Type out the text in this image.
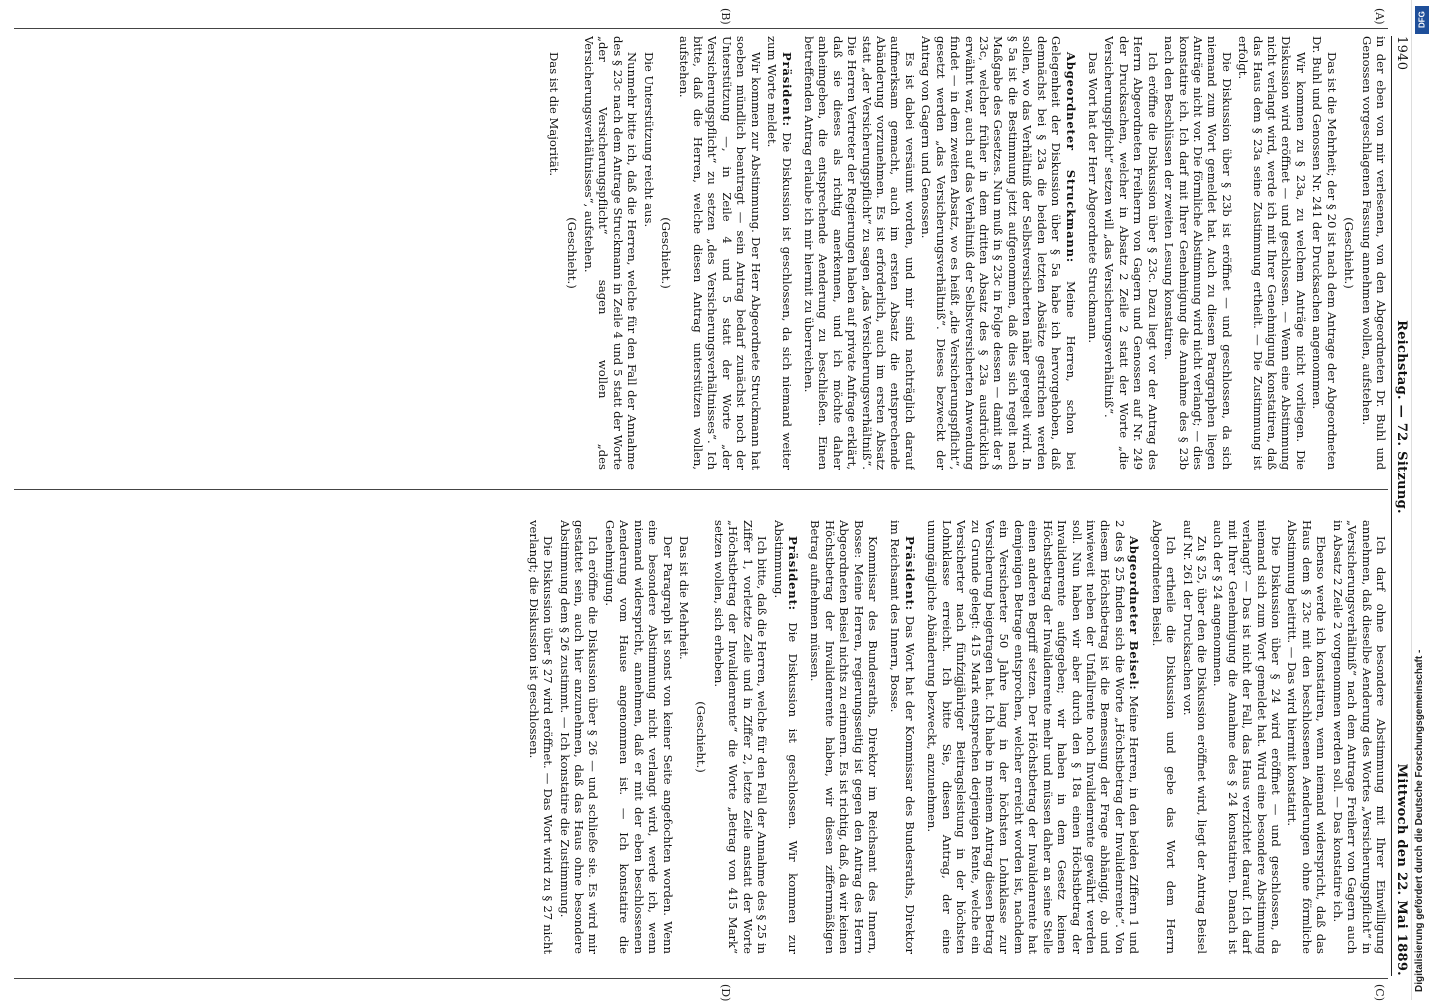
1940
Reichstag. — 72. Sitzung.
Mittwoch den 22. Mai 1889.
(A)
(B)
(C)
(D)

in der eben von mir verlesenen, von den Abgeordneten Dr. Buhl und Genossen vorgeschlagenen Fassung annehmen wollen, aufstehen.

(Geschieht.)

Das ist die Mehrheit; der § 20 ist nach dem Antrage der Abgeordneten Dr. Buhl und Genossen Nr. 241 der Drucksachen angenommen.

Wir kommen zu § 23a, zu welchem Anträge nicht vorliegen. Die Diskussion wird eröffnet — und geschlossen. — Wenn eine Abstimmung nicht verlangt wird, werde ich mit Ihrer Genehmigung konstatiren, daß das Haus dem § 23a seine Zustimmung ertheilt. — Die Zustimmung ist erfolgt.

Die Diskussion über § 23b ist eröffnet — und geschlossen, da sich niemand zum Wort gemeldet hat. Auch zu diesem Paragraphen liegen Anträge nicht vor. Die förmliche Abstimmung wird nicht verlangt; — dies konstatire ich. Ich darf mit Ihrer Genehmigung die Annahme des § 23b nach den Beschlüssen der zweiten Lesung konstatiren.

Ich eröffne die Diskussion über § 23c. Dazu liegt vor der Antrag des Herrn Abgeordneten Freiherrn von Gagern und Genossen auf Nr. 249 der Drucksachen, welcher in Absatz 2 Zeile 2 statt der Worte „die Versicherungspflicht“ setzen will „das Versicherungsverhältniß“.

Das Wort hat der Herr Abgeordnete Struckmann.

Abgeordneter Struckmann: Meine Herren, schon bei Gelegenheit der Diskussion über § 5a habe ich hervorgehoben, daß demnächst bei § 23a die beiden letzten Absätze gestrichen werden sollen, wo das Verhältniß der Selbstversicherten näher geregelt wird. In § 5a ist die Bestimmung jetzt aufgenommen, daß dies sich regelt nach Maßgabe des Gesetzes. Nun muß in § 23c in Folge dessen — damit der § 23c, welcher früher in dem dritten Absatz des § 23a ausdrücklich erwähnt war, auch auf das Verhältniß der Selbstversicherten Anwendung findet — in dem zweiten Absatz, wo es heißt „die Versicherungspflicht“, gesetzt werden „das Versicherungsverhältniß“. Dieses bezweckt der Antrag von Gagern und Genossen.

Es ist dabei versäumt worden, und mir sind nachträglich darauf aufmerksam gemacht, auch im ersten Absatz die entsprechende Abänderung vorzunehmen. Es ist erforderlich, auch im ersten Absatz statt „der Versicherungspflicht“ zu sagen „das Versicherungsverhältniß“. Die Herren Vertreter der Regierungen haben auf private Anfrage erklärt, daß sie dieses als richtig anerkennen, und ich möchte daher anheimgeben, die entsprechende Aenderung zu beschließen. Einen betreffenden Antrag erlaube ich mir hiermit zu überreichen.

Präsident: Die Diskussion ist geschlossen, da sich niemand weiter zum Worte meldet.

Wir kommen zur Abstimmung. Der Herr Abgeordnete Struckmann hat soeben mündlich beantragt — sein Antrag bedarf zunächst noch der Unterstützung —, in Zeile 4 und 5 statt der Worte „der Versicherungspflicht“ zu setzen „des Versicherungsverhältnisses“. Ich bitte, daß die Herren, welche diesen Antrag unterstützen wollen, aufstehen.

(Geschieht.)

Die Unterstützung reicht aus.

Nunmehr bitte ich, daß die Herren, welche für den Fall der Annahme des § 23c nach dem Antrage Struckmann in Zeile 4 und 5 statt der Worte „der Versicherungspflicht“ sagen wollen „des Versicherungsverhältnisses“, aufstehen.

(Geschieht.)

Das ist die Majorität.

Ich darf ohne besondere Abstimmung mit Ihrer Einwilligung annehmen, daß dieselbe Aenderung des Wortes „Versicherungspflicht“ in „Versicherungsverhältniß“ nach dem Antrage Freiherr von Gagern auch in Absatz 2 Zeile 2 vorgenommen werden soll. — Das konstatire ich.

Ebenso werde ich konstatiren, wenn niemand widerspricht, daß das Haus dem § 23c mit den beschlossenen Aenderungen ohne förmliche Abstimmung beitritt. — Das wird hiermit konstatirt.

Die Diskussion über § 24 wird eröffnet — und geschlossen, da niemand sich zum Wort gemeldet hat. Wird eine besondere Abstimmung verlangt? — Das ist nicht der Fall, das Haus verzichtet darauf. Ich darf mit Ihrer Genehmigung die Annahme des § 24 konstatiren. Danach ist auch der § 24 angenommen.

Zu § 25, über den die Diskussion eröffnet wird, liegt der Antrag Beisel auf Nr. 261 der Drucksachen vor.

Ich ertheile die Diskussion und gebe das Wort dem Herrn Abgeordneten Beisel.

Abgeordneter Beisel: Meine Herren, in den beiden Ziffern 1 und 2 des § 25 finden sich die Worte „Höchstbetrag der Invalidenrente“. Von diesem Höchstbetrag ist die Bemessung der Frage abhängig, ob und inwieweit neben der Unfallrente noch Invalidenrente gewährt werden soll. Nun haben wir aber durch den § 18a einen Höchstbetrag der Invalidenrente aufgegeben; wir haben in dem Gesetz keinen Höchstbetrag der Invalidenrente mehr und müssen daher an seine Stelle einen anderen Begriff setzen. Der Höchstbetrag der Invalidenrente hat demjenigen Betrage entsprochen, welcher erreicht worden ist, nachdem ein Versicherter 50 Jahre lang in der höchsten Lohnklasse zur Versicherung beigetragen hat. Ich habe in meinem Antrag diesen Betrag zu Grunde gelegt: 415 Mark entsprechen derjenigen Rente, welche ein Versicherter nach fünfzigjähriger Beitragsleistung in der höchsten Lohnklasse erreicht. Ich bitte Sie, diesen Antrag, der eine unumgängliche Abänderung bezweckt, anzunehmen.

Präsident: Das Wort hat der Kommissar des Bundesraths, Direktor im Reichsamt des Innern, Bosse.

Kommissar des Bundesraths, Direktor im Reichsamt des Innern, Bosse: Meine Herren, regierungsseitig ist gegen den Antrag des Herrn Abgeordneten Beisel nichts zu erinnern. Es ist richtig, daß, da wir keinen Höchstbetrag der Invalidenrente haben, wir diesen ziffernmäßigen Betrag aufnehmen müssen.

Präsident: Die Diskussion ist geschlossen. Wir kommen zur Abstimmung.

Ich bitte, daß die Herren, welche für den Fall der Annahme des § 25 in Ziffer 1, vorletzte Zeile und in Ziffer 2, letzte Zeile anstatt der Worte „Höchstbetrag der Invalidenrente“ die Worte „Betrag von 415 Mark“ setzen wollen, sich erheben.

(Geschieht.)

Das ist die Mehrheit.

Der Paragraph ist sonst von keiner Seite angefochten worden. Wenn eine besondere Abstimmung nicht verlangt wird, werde ich, wenn niemand widerspricht, annehmen, daß er mit der eben beschlossenen Aenderung vom Hause angenommen ist. — Ich konstatire die Genehmigung.

Ich eröffne die Diskussion über § 26 — und schließe sie. Es wird mir gestattet sein, auch hier anzunehmen, daß das Haus ohne besondere Abstimmung dem § 26 zustimmt. — Ich konstatire die Zustimmung.

Die Diskussion über § 27 wird eröffnet. — Das Wort wird zu § 27 nicht verlangt; die Diskussion ist geschlossen.

Digitalisierung gefördert durch die Deutsche Forschungsgemeinschaft -
DFG
